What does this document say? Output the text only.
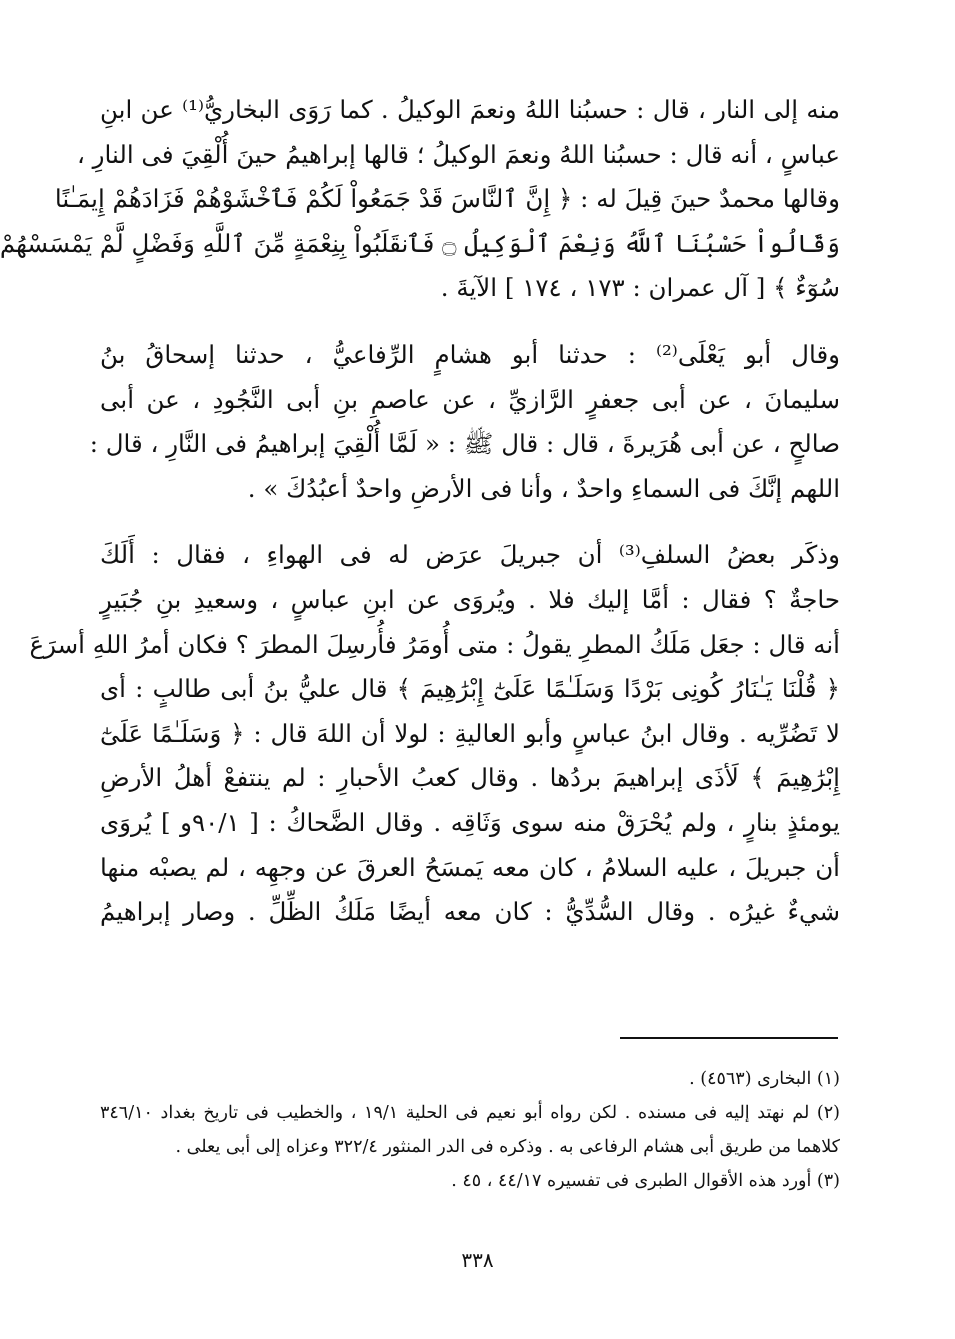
منه إلى النار ، قال : حسبُنا اللهُ ونعمَ الوكيلُ . كما رَوَى البخاريُّ⁽¹⁾ عن ابنِ
عباسٍ ، أنه قال : حسبُنا اللهُ ونعمَ الوكيلُ ؛ قالها إبراهيمُ حينَ أُلْقِيَ فى النارِ ،
وقالها محمدٌ حينَ قِيلَ له : ﴿ إِنَّ ٱلنَّاسَ قَدْ جَمَعُواْ لَكُمْ فَٱخْشَوْهُمْ فَزَادَهُمْ إِيمَـٰنًا
وَقَالُواْ حَسْبُنَا ٱللَّهُ وَنِعْمَ ٱلْوَكِيلُ ۝ فَٱنقَلَبُواْ بِنِعْمَةٍ مِّنَ ٱللَّهِ وَفَضْلٍ لَّمْ يَمْسَسْهُمْ
سُوٓءٌ ﴾ [ آل عمران : ١٧٣ ، ١٧٤ ] الآيةَ .

وقال أبو يَعْلَى⁽²⁾ : حدثنا أبو هشامٍ الرِّفاعيُّ ، حدثنا إسحاقُ بنُ
سليمانَ ، عن أبى جعفرٍ الرَّازيِّ ، عن عاصمِ بنِ أبى النَّجُودِ ، عن أبى
صالحٍ ، عن أبى هُرَيرةَ ، قال : قال ﷺ : « لَمَّا أُلْقِيَ إبراهيمُ فى النَّارِ ، قال :
اللهم إنَّكَ فى السماءِ واحدٌ ، وأنا فى الأرضِ واحدٌ أعبُدُكَ » .

وذكَر بعضُ السلفِ⁽³⁾ أن جبريلَ عرَض له فى الهواءِ ، فقال : أَلَكَ
حاجةٌ ؟ فقال : أمَّا إليك فلا . ويُروَى عن ابنِ عباسٍ ، وسعيدِ بنِ جُبَيرٍ
أنه قال : جعَل مَلَكُ المطرِ يقولُ : متى أُومَرُ فأُرسِلَ المطرَ ؟ فكان أمرُ اللهِ أسرَعَ
﴿ قُلْنَا يَـٰنَارُ كُونِى بَرْدًا وَسَلَـٰمًا عَلَىٰٓ إِبْرَٰهِيمَ ﴾ قال عليُّ بنُ أبى طالبٍ : أى
لا تَضُرِّيه . وقال ابنُ عباسٍ وأبو العاليةِ : لولا أن اللهَ قال : ﴿ وَسَلَـٰمًا عَلَىٰٓ
إِبْرَٰهِيمَ ﴾ لَأذَى إبراهيمَ بردُها . وقال كعبُ الأحبارِ : لم ينتفعْ أهلُ الأرضِ
يومئذٍ بنارٍ ، ولم يُحْرَقْ منه سوى وَثَاقِه . وقال الضَّحاكُ : [ ٩٠/١و ] يُروَى
أن جبريلَ ، عليه السلامُ ، كان معه يَمسَحُ العرقَ عن وجهِه ، لم يصبْه منها
شيءٌ غيرُه . وقال السُّدِّيُّ : كان معه أيضًا مَلَكُ الظِّلِّ . وصار إبراهيمُ

(١) البخارى (٤٥٦٣) .
(٢) لم نهتد إليه فى مسنده . لكن رواه أبو نعيم فى الحلية ١٩/١ ، والخطيب فى تاريخ بغداد ٣٤٦/١٠
كلاهما من طريق أبى هشام الرفاعى به . وذكره فى الدر المنثور ٣٢٢/٤ وعزاه إلى أبى يعلى .
(٣) أورد هذه الأقوال الطبرى فى تفسيره ٤٤/١٧ ، ٤٥ .
٣٣٨
